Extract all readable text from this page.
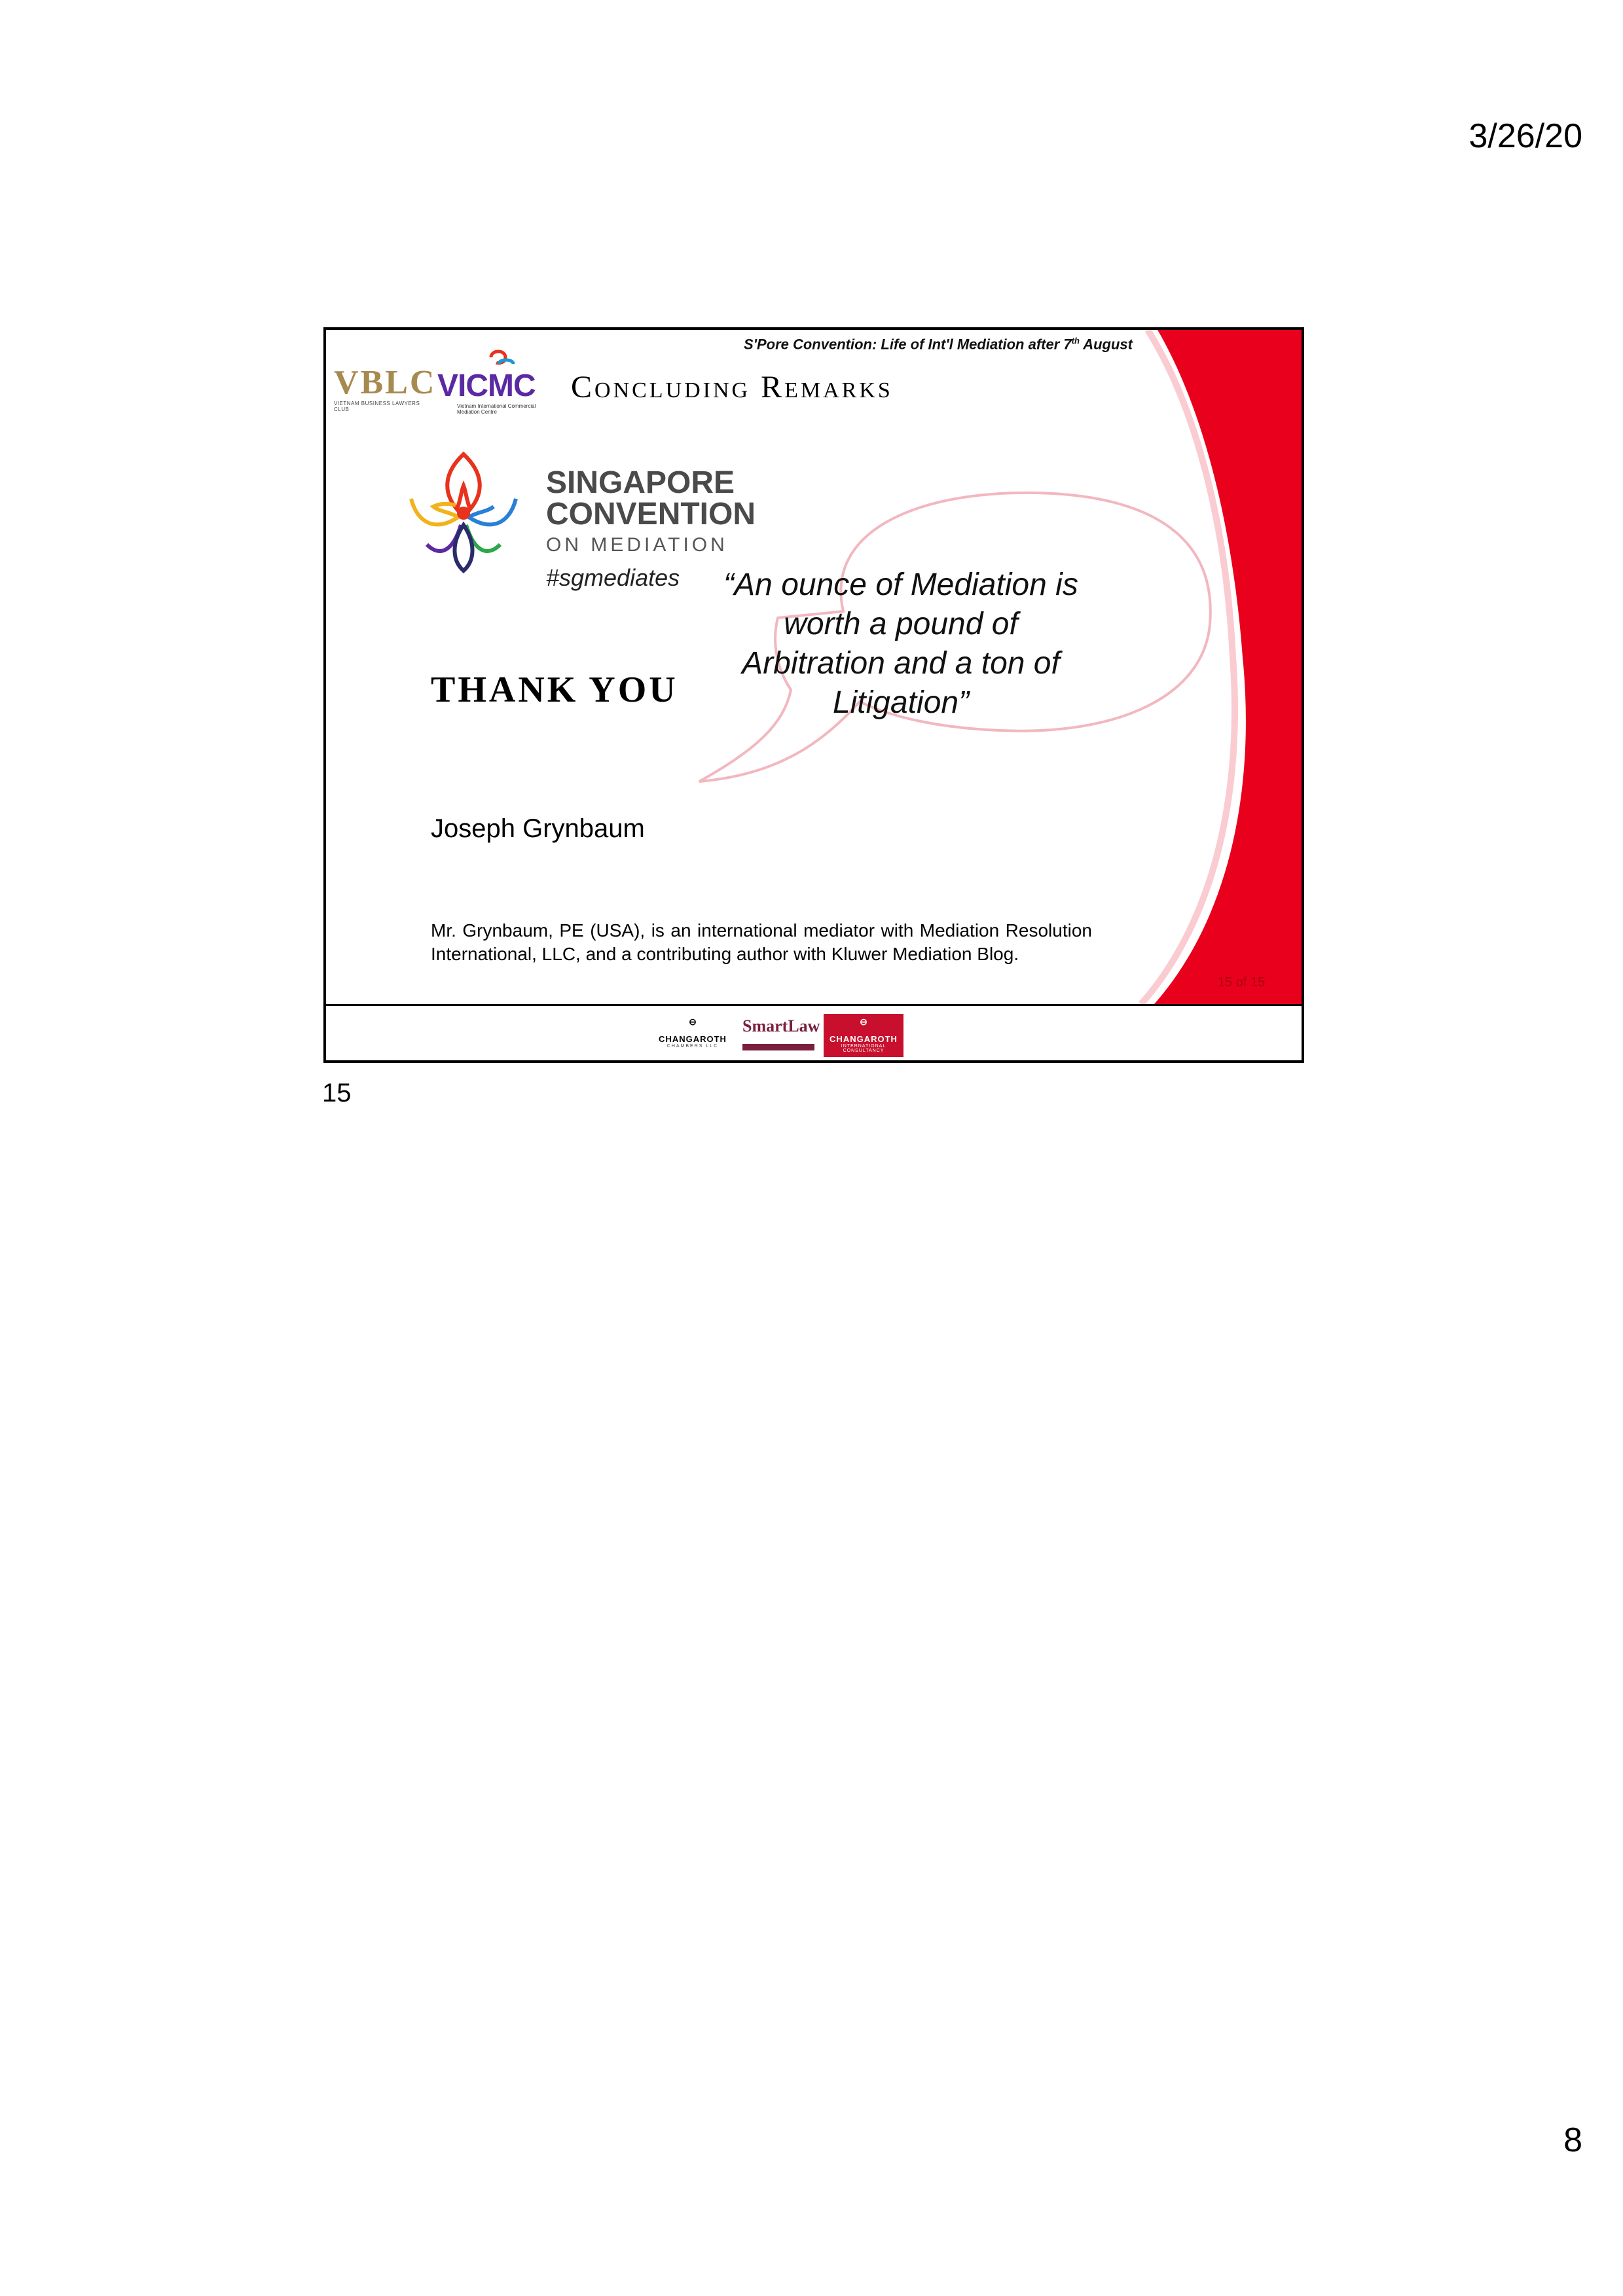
3/26/20
S'Pore Convention: Life of Int'l Mediation after 7th August
VBLC
VIETNAM BUSINESS LAWYERS CLUB
VICMC
Vietnam International Commercial Mediation Centre
Concluding Remarks
SINGAPORE
CONVENTION
ON MEDIATION
#sgmediates
THANK YOU
“An ounce of Mediation is worth a pound of Arbitration and a ton of Litigation”
Joseph Grynbaum
Mr. Grynbaum, PE (USA), is an international mediator with Mediation Resolution International, LLC, and a contributing author with Kluwer Mediation Blog.
15 of 15
⊖
CHANGAROTH
CHAMBERS LLC
SmartLaw	⊖
CHANGAROTH
INTERNATIONAL CONSULTANCY
15
8
